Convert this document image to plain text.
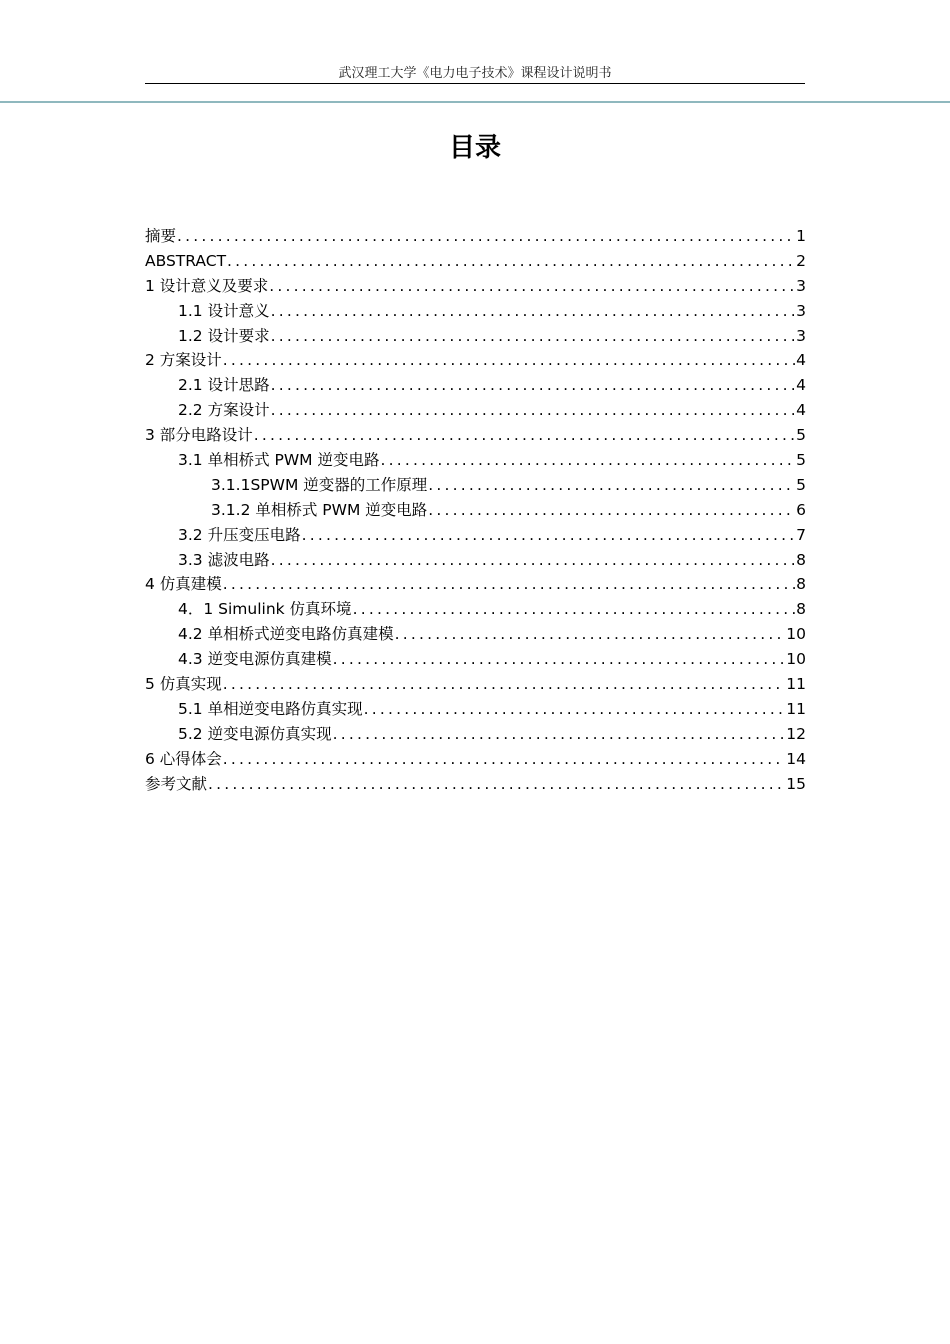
武汉理工大学《电力电子技术》课程设计说明书
目录
摘要 .....	1
ABSTRACT .....	2
1 设计意义及要求 .....	3
1.1 设计意义 .....	3
1.2 设计要求 .....	3
2 方案设计 .....	4
2.1 设计思路 .....	4
2.2 方案设计 .....	4
3 部分电路设计 .....	5
3.1 单相桥式 PWM 逆变电路 .....	5
3.1.1SPWM 逆变器的工作原理 .....	5
3.1.2 单相桥式 PWM 逆变电路 .....	6
3.2 升压变压电路 .....	7
3.3 滤波电路 .....	8
4 仿真建模 .....	8
4．1 Simulink 仿真环境 .....	8
4.2 单相桥式逆变电路仿真建模 .....	10
4.3 逆变电源仿真建模 .....	10
5 仿真实现 .....	11
5.1 单相逆变电路仿真实现 .....	11
5.2 逆变电源仿真实现 .....	12
6 心得体会 .....	14
参考文献 .....	15
